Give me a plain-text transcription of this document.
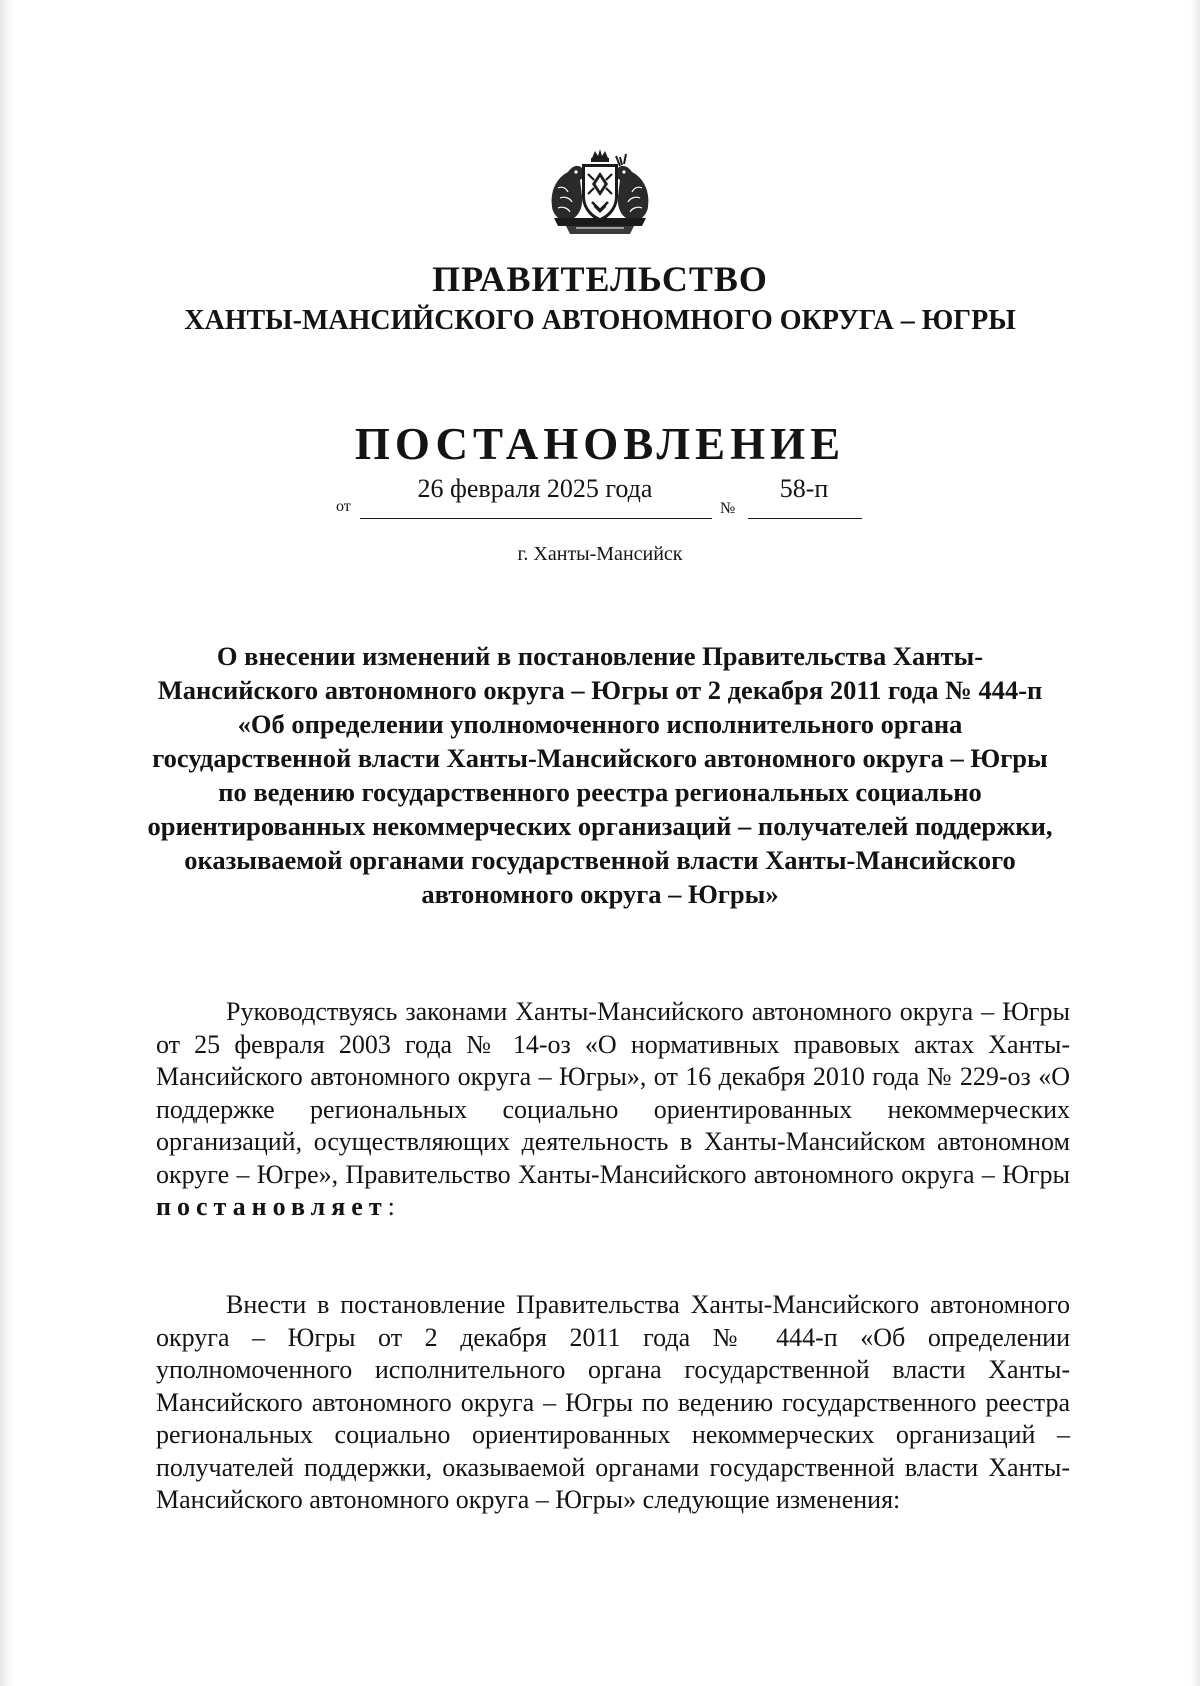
ПРАВИТЕЛЬСТВО
ХАНТЫ-МАНСИЙСКОГО АВТОНОМНОГО ОКРУГА – ЮГРЫ
ПОСТАНОВЛЕНИЕ
от
26 февраля 2025 года
№
58-п
г. Ханты-Мансийск
О внесении изменений в постановление Правительства Ханты-Мансийского автономного округа – Югры от 2 декабря 2011 года № 444-п «Об определении уполномоченного исполнительного органа государственной власти Ханты-Мансийского автономного округа – Югры по ведению государственного реестра региональных социально ориентированных некоммерческих организаций – получателей поддержки, оказываемой органами государственной власти Ханты-Мансийского автономного округа – Югры»

Руководствуясь законами Ханты-Мансийского автономного округа – Югры от 25 февраля 2003 года № 14-оз «О нормативных правовых актах Ханты-Мансийского автономного округа – Югры», от 16 декабря 2010 года № 229-оз «О поддержке региональных социально ориентированных некоммерческих организаций, осуществляющих деятельность в Ханты-Мансийском автономном округе – Югре», Правительство Ханты-Мансийского автономного округа – Югры постановляет:

Внести в постановление Правительства Ханты-Мансийского автономного округа – Югры от 2 декабря 2011 года № 444-п «Об определении уполномоченного исполнительного органа государственной власти Ханты-Мансийского автономного округа – Югры по ведению государственного реестра региональных социально ориентированных некоммерческих организаций – получателей поддержки, оказываемой органами государственной власти Ханты-Мансийского автономного округа – Югры» следующие изменения:
